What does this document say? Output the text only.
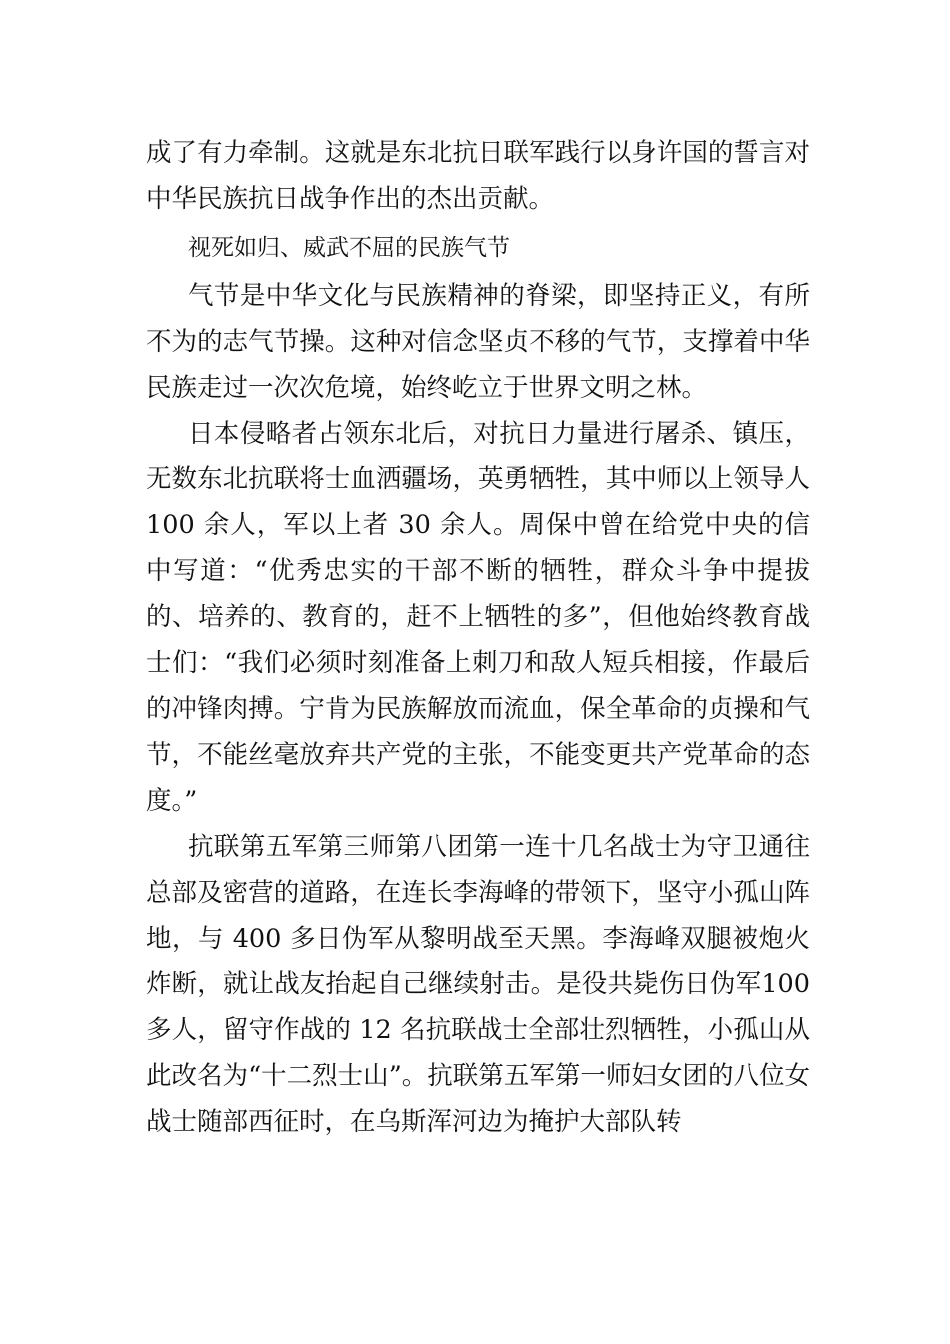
成了有力牵制。这就是东北抗日联军践行以身许国的誓言对中华民族抗日战争作出的杰出贡献。

视死如归、威武不屈的民族气节

气节是中华文化与民族精神的脊梁，即坚持正义，有所不为的志气节操。这种对信念坚贞不移的气节，支撑着中华民族走过一次次危境，始终屹立于世界文明之林。

日本侵略者占领东北后，对抗日力量进行屠杀、镇压，无数东北抗联将士血洒疆场，英勇牺牲，其中师以上领导人 100 余人，军以上者 30 余人。周保中曾在给党中央的信中写道：“优秀忠实的干部不断的牺牲，群众斗争中提拔的、培养的、教育的，赶不上牺牲的多”，但他始终教育战士们：“我们必须时刻准备上刺刀和敌人短兵相接，作最后的冲锋肉搏。宁肯为民族解放而流血，保全革命的贞操和气节，不能丝毫放弃共产党的主张，不能变更共产党革命的态度。”

抗联第五军第三师第八团第一连十几名战士为守卫通往总部及密营的道路，在连长李海峰的带领下，坚守小孤山阵地，与 400 多日伪军从黎明战至天黑。李海峰双腿被炮火炸断，就让战友抬起自己继续射击。是役共毙伤日伪军100 多人，留守作战的 12 名抗联战士全部壮烈牺牲，小孤山从此改名为“十二烈士山”。抗联第五军第一师妇女团的八位女战士随部西征时，在乌斯浑河边为掩护大部队转
